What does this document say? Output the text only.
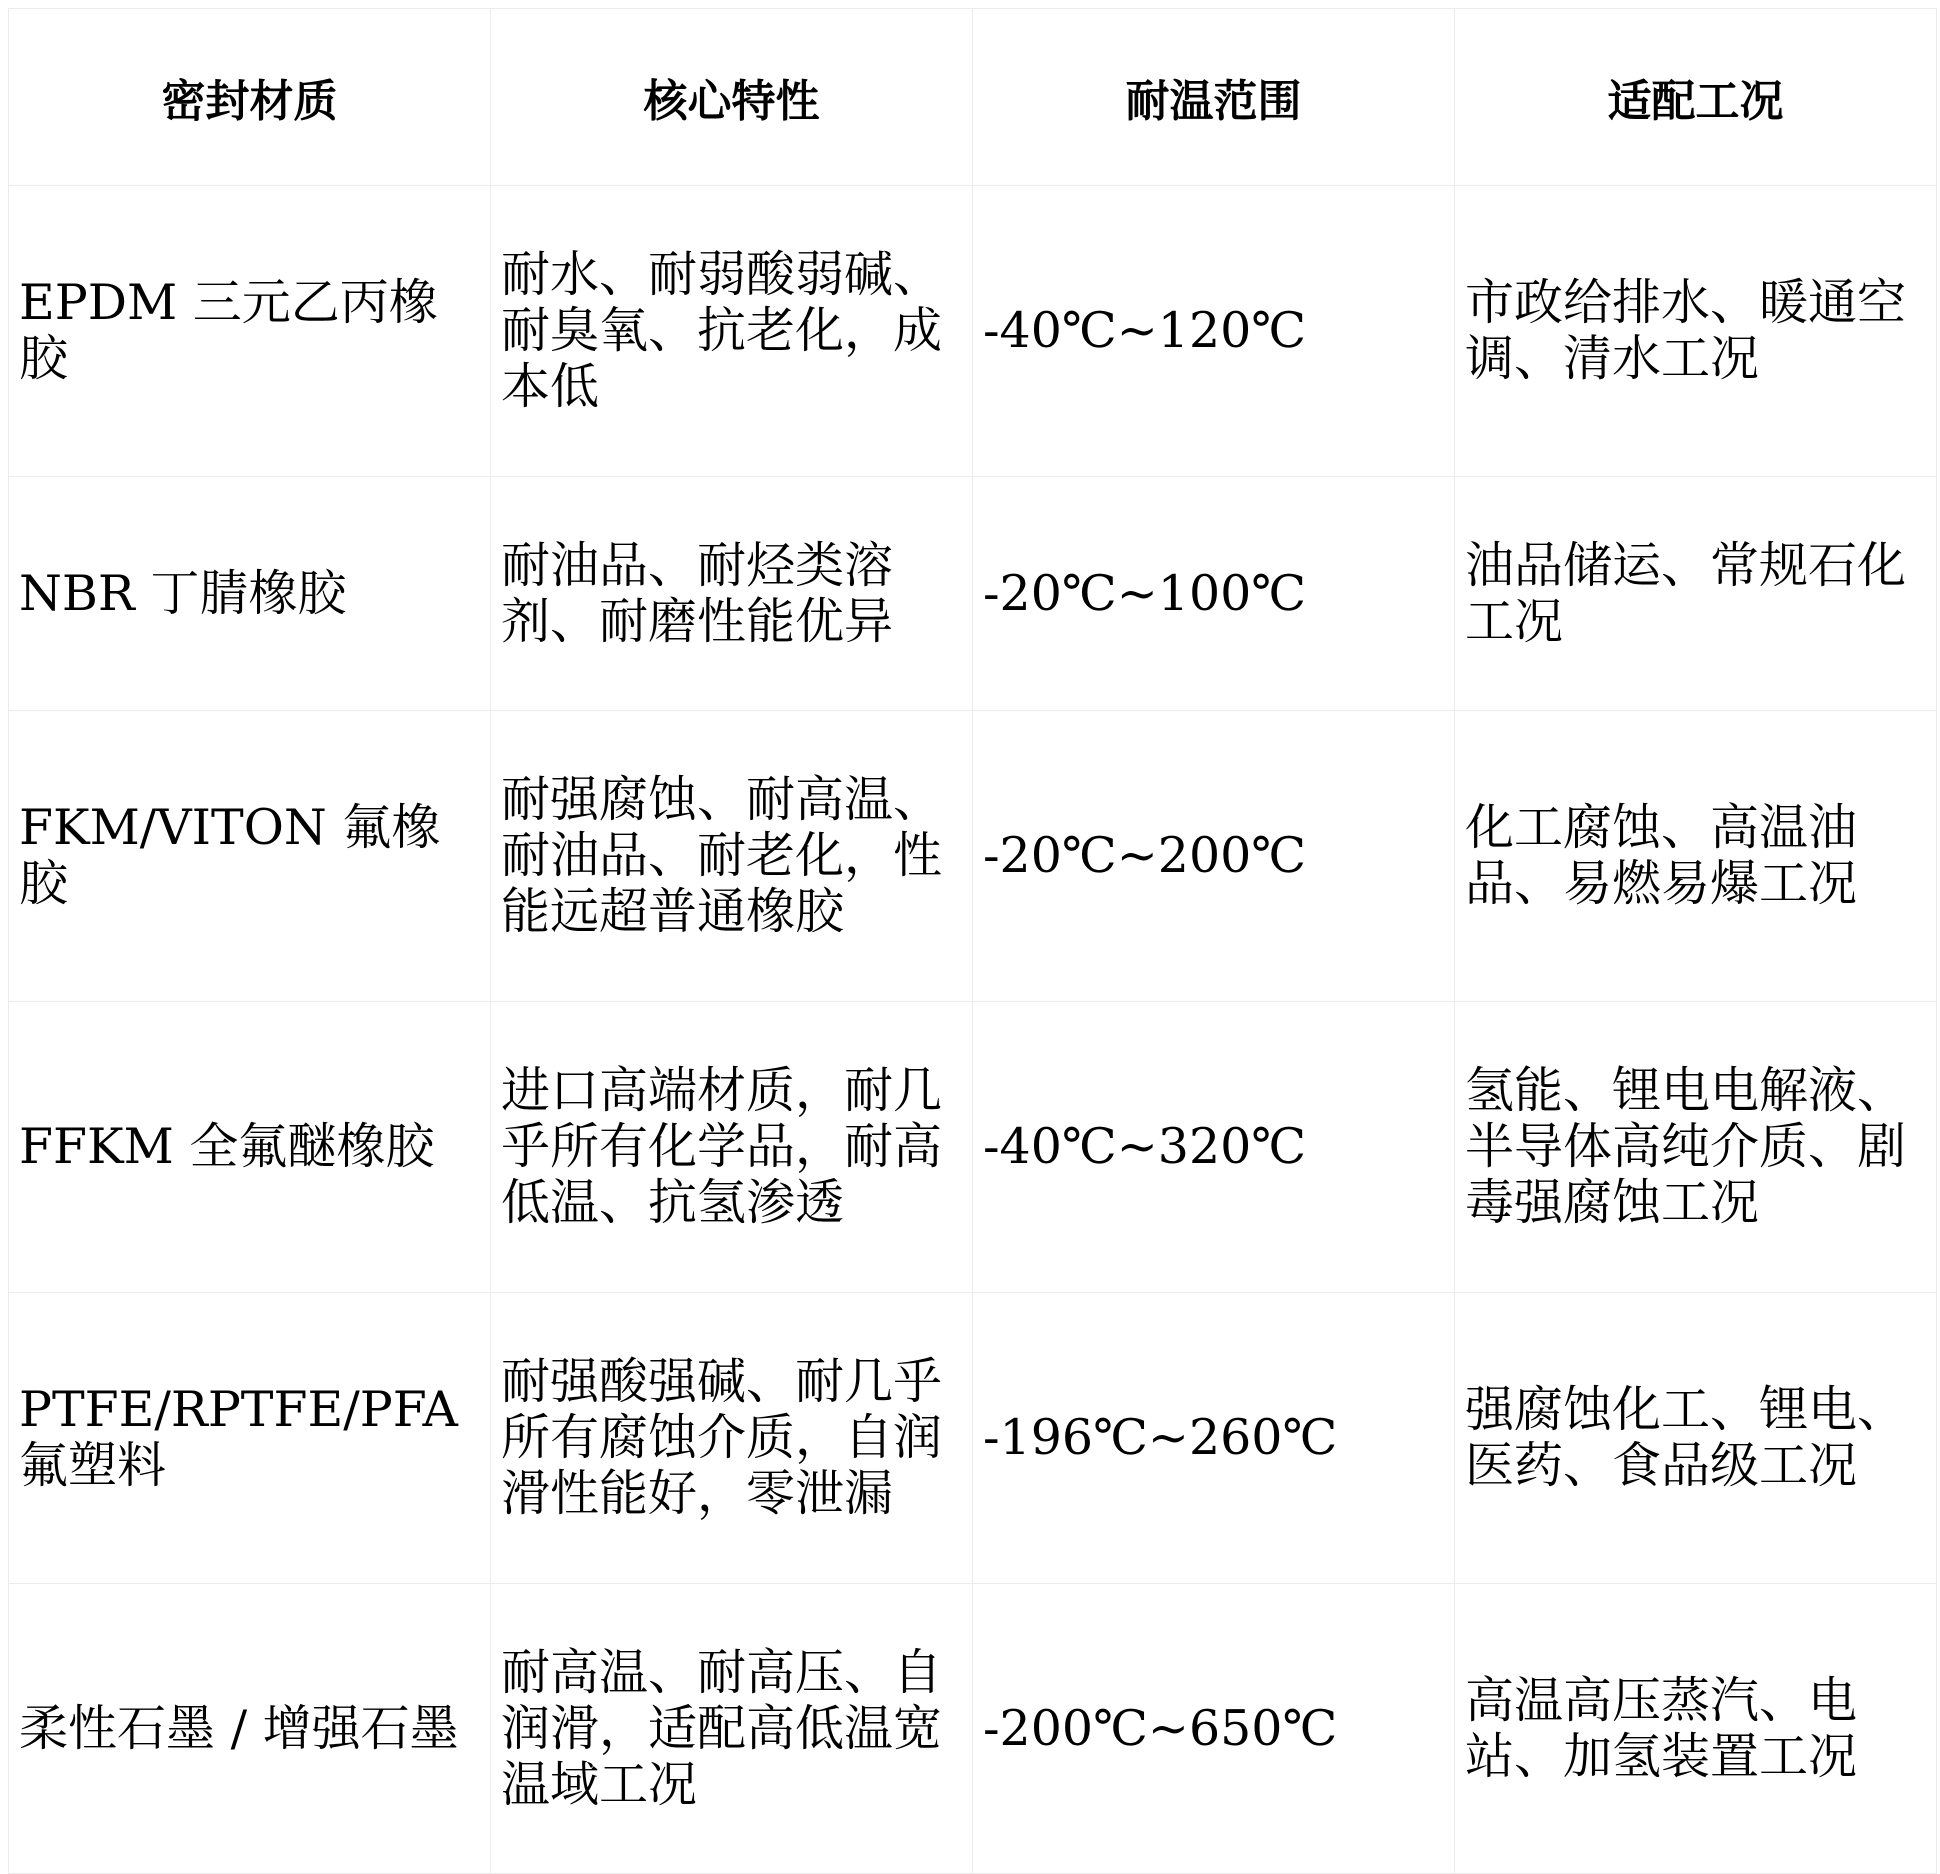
密封材质	核心特性	耐温范围	适配工况
EPDM 三元乙丙橡胶	耐水、耐弱酸弱碱、耐臭氧、抗老化，成本低	-40℃~120℃	市政给排水、暖通空调、清水工况
NBR 丁腈橡胶	耐油品、耐烃类溶剂、耐磨性能优异	-20℃~100℃	油品储运、常规石化工况
FKM/VITON 氟橡胶	耐强腐蚀、耐高温、耐油品、耐老化，性能远超普通橡胶	-20℃~200℃	化工腐蚀、高温油品、易燃易爆工况
FFKM 全氟醚橡胶	进口高端材质，耐几乎所有化学品，耐高低温、抗氢渗透	-40℃~320℃	氢能、锂电电解液、半导体高纯介质、剧毒强腐蚀工况
PTFE/RPTFE/PFA 氟塑料	耐强酸强碱、耐几乎所有腐蚀介质，自润滑性能好，零泄漏	-196℃~260℃	强腐蚀化工、锂电、医药、食品级工况
柔性石墨 / 增强石墨	耐高温、耐高压、自润滑，适配高低温宽温域工况	-200℃~650℃	高温高压蒸汽、电站、加氢装置工况
